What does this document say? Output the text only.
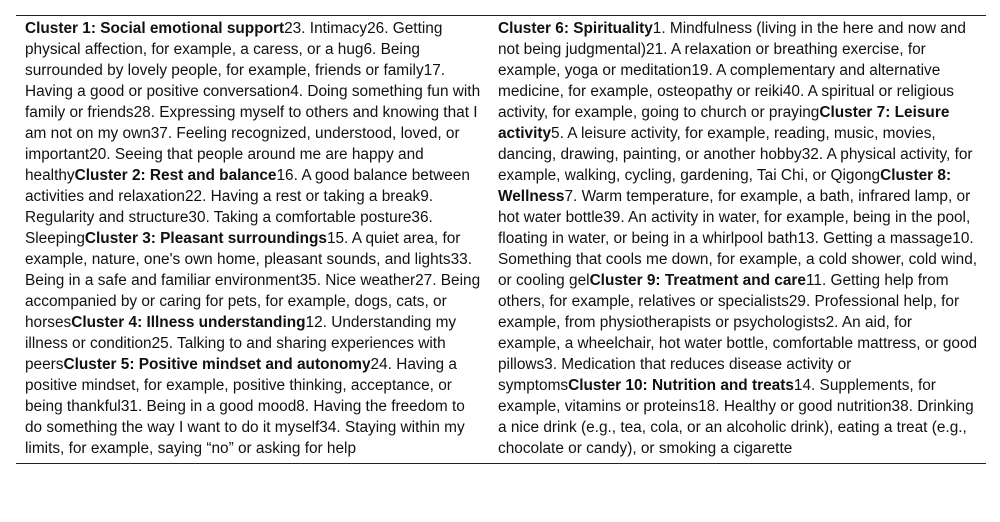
Cluster 1: Social emotional support23. Intimacy26. Getting physical affection, for example, a caress, or a hug6. Being surrounded by lovely people, for example, friends or family17. Having a good or positive conversation4. Doing something fun with family or friends28. Expressing myself to others and knowing that I am not on my own37. Feeling recognized, understood, loved, or important20. Seeing that people around me are happy and healthyCluster 2: Rest and balance16. A good balance between activities and relaxation22. Having a rest or taking a break9. Regularity and structure30. Taking a comfortable posture36. SleepingCluster 3: Pleasant surroundings15. A quiet area, for example, nature, one's own home, pleasant sounds, and lights33. Being in a safe and familiar environment35. Nice weather27. Being accompanied by or caring for pets, for example, dogs, cats, or horsesCluster 4: Illness understanding12. Understanding my illness or condition25. Talking to and sharing experiences with peersCluster 5: Positive mindset and autonomy24. Having a positive mindset, for example, positive thinking, acceptance, or being thankful31. Being in a good mood8. Having the freedom to do something the way I want to do it myself34. Staying within my limits, for example, saying “no” or asking for help
Cluster 6: Spirituality1. Mindfulness (living in the here and now and not being judgmental)21. A relaxation or breathing exercise, for example, yoga or meditation19. A complementary and alternative medicine, for example, osteopathy or reiki40. A spiritual or religious activity, for example, going to church or prayingCluster 7: Leisure activity5. A leisure activity, for example, reading, music, movies, dancing, drawing, painting, or another hobby32. A physical activity, for example, walking, cycling, gardening, Tai Chi, or QigongCluster 8: Wellness7. Warm temperature, for example, a bath, infrared lamp, or hot water bottle39. An activity in water, for example, being in the pool, floating in water, or being in a whirlpool bath13. Getting a massage10. Something that cools me down, for example, a cold shower, cold wind, or cooling gelCluster 9: Treatment and care11. Getting help from others, for example, relatives or specialists29. Professional help, for example, from physiotherapists or psychologists2. An aid, for example, a wheelchair, hot water bottle, comfortable mattress, or good pillows3. Medication that reduces disease activity or symptomsCluster 10: Nutrition and treats14. Supplements, for example, vitamins or proteins18. Healthy or good nutrition38. Drinking a nice drink (e.g., tea, cola, or an alcoholic drink), eating a treat (e.g., chocolate or candy), or smoking a cigarette
